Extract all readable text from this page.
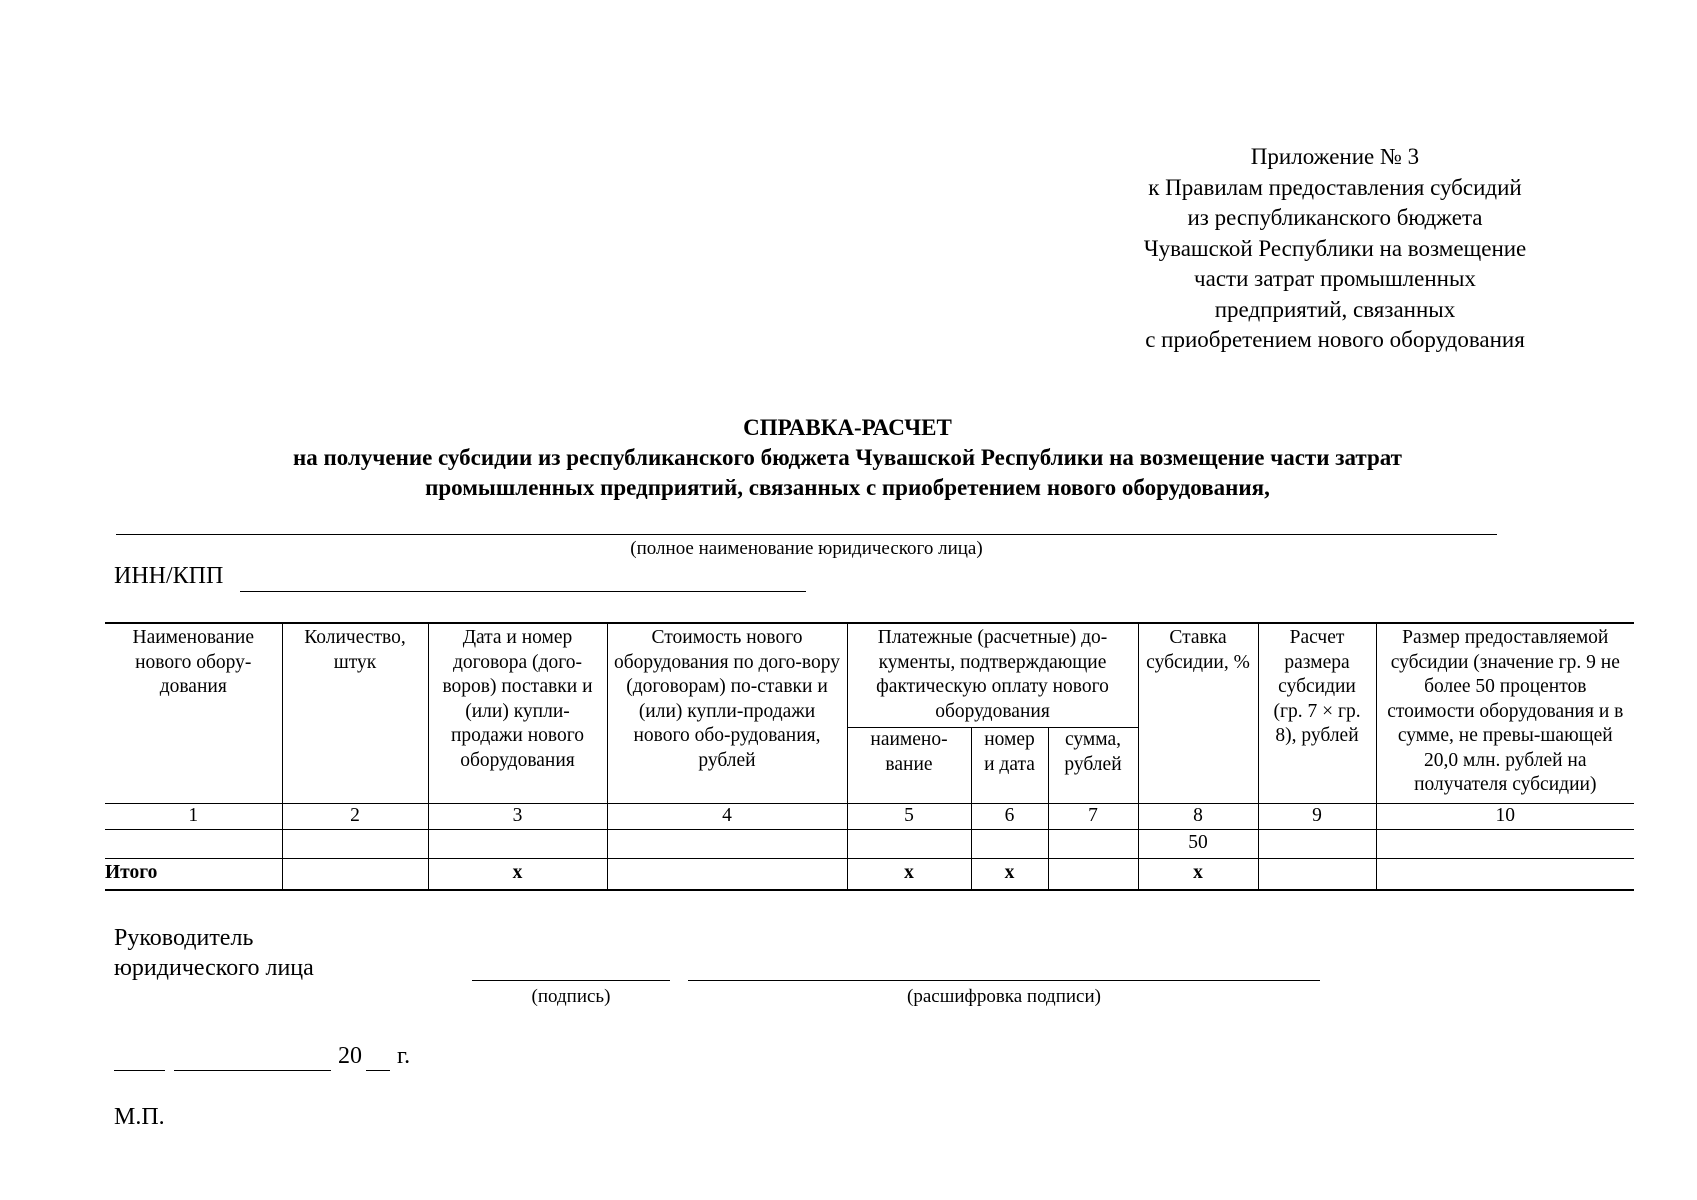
Приложение № 3
к Правилам предоставления субсидий
из республиканского бюджета
Чувашской Республики на возмещение
части затрат промышленных
предприятий, связанных
с приобретением нового оборудования
СПРАВКА-РАСЧЕТ
на получение субсидии из республиканского бюджета Чувашской Республики на возмещение части затрат
промышленных предприятий, связанных с приобретением нового оборудования,
(полное наименование юридического лица)
ИНН/КПП
Наименование нового обору-дования	Количество, штук	Дата и номер договора (дого-воров) поставки и (или) купли-продажи нового оборудования	Стоимость нового оборудования по дого-вору (договорам) по-ставки и (или) купли-продажи нового обо-рудования, рублей	Платежные (расчетные) до-кументы, подтверждающие фактическую оплату нового оборудования			Ставка субсидии, %	Расчет размера субсидии (гр. 7 × гр. 8), рублей	Размер предоставляемой субсидии (значение гр. 9 не более 50 процентов стоимости оборудования и в сумме, не превы-шающей 20,0 млн. рублей на получателя субсидии)
				наимено-вание	номер и дата	сумма, рублей			
1	2	3	4	5	6	7	8	9	10
							50		
Итого		х		х	х		х		
Руководитель
юридического лица
(подпись)	(расшифровка подписи)
20 г.
М.П.
